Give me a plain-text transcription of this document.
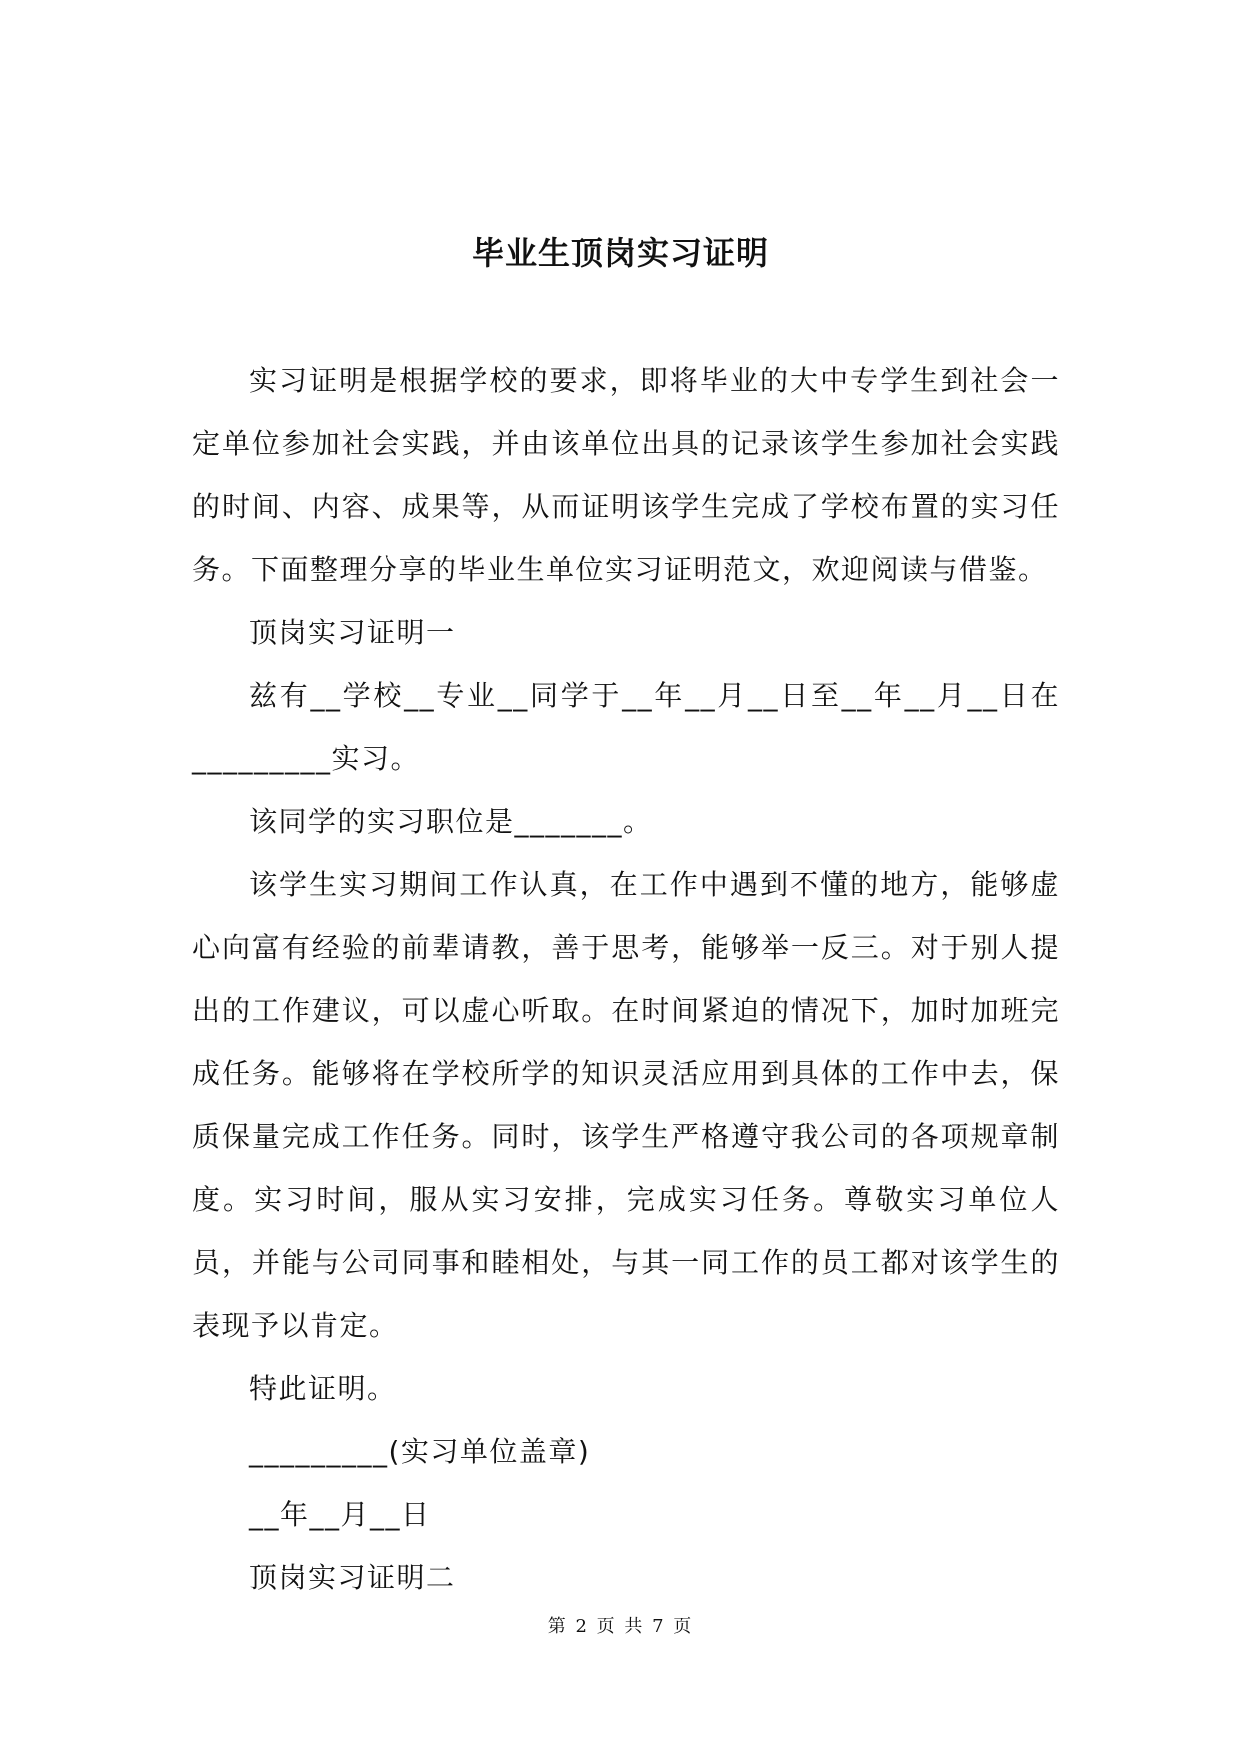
毕业生顶岗实习证明

实习证明是根据学校的要求，即将毕业的大中专学生到社会一定单位参加社会实践，并由该单位出具的记录该学生参加社会实践的时间、内容、成果等，从而证明该学生完成了学校布置的实习任务。下面整理分享的毕业生单位实习证明范文，欢迎阅读与借鉴。

顶岗实习证明一

兹有__学校__专业__同学于__年__月__日至__年__月__日在_________实习。

该同学的实习职位是_______。

该学生实习期间工作认真，在工作中遇到不懂的地方，能够虚心向富有经验的前辈请教，善于思考，能够举一反三。对于别人提出的工作建议，可以虚心听取。在时间紧迫的情况下，加时加班完成任务。能够将在学校所学的知识灵活应用到具体的工作中去，保质保量完成工作任务。同时，该学生严格遵守我公司的各项规章制度。实习时间，服从实习安排，完成实习任务。尊敬实习单位人员，并能与公司同事和睦相处，与其一同工作的员工都对该学生的表现予以肯定。

特此证明。

_________(实习单位盖章)

__年__月__日

顶岗实习证明二

第 2 页 共 7 页
